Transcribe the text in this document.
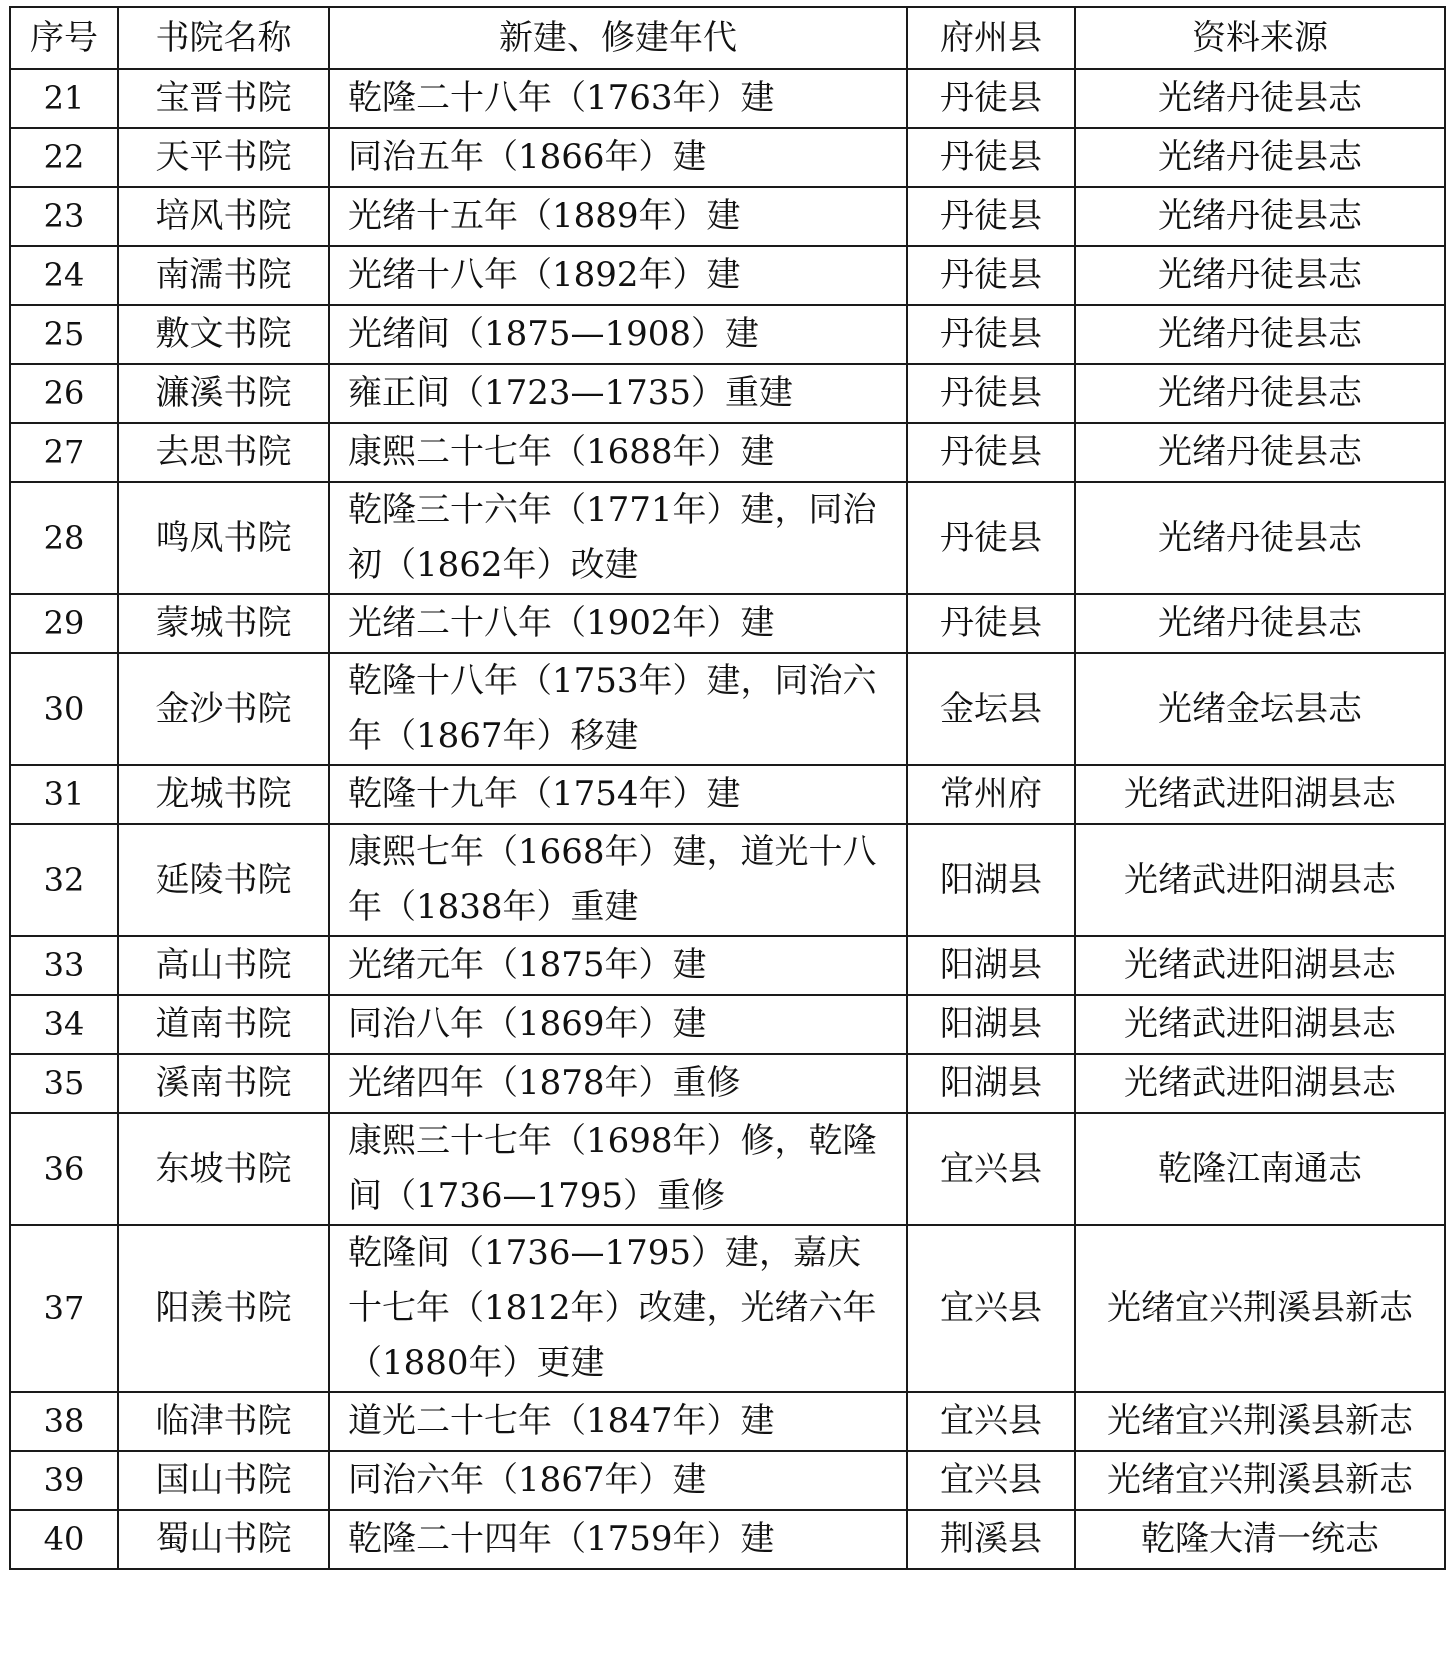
序号	书院名称	新建、修建年代	府州县	资料来源
21	宝晋书院	乾隆二十八年（1763年）建	丹徒县	光绪丹徒县志
22	天平书院	同治五年（1866年）建	丹徒县	光绪丹徒县志
23	培风书院	光绪十五年（1889年）建	丹徒县	光绪丹徒县志
24	南濡书院	光绪十八年（1892年）建	丹徒县	光绪丹徒县志
25	敷文书院	光绪间（1875—1908）建	丹徒县	光绪丹徒县志
26	濂溪书院	雍正间（1723—1735）重建	丹徒县	光绪丹徒县志
27	去思书院	康熙二十七年（1688年）建	丹徒县	光绪丹徒县志
28	鸣凤书院	乾隆三十六年（1771年）建，同治初（1862年）改建	丹徒县	光绪丹徒县志
29	蒙城书院	光绪二十八年（1902年）建	丹徒县	光绪丹徒县志
30	金沙书院	乾隆十八年（1753年）建，同治六年（1867年）移建	金坛县	光绪金坛县志
31	龙城书院	乾隆十九年（1754年）建	常州府	光绪武进阳湖县志
32	延陵书院	康熙七年（1668年）建，道光十八年（1838年）重建	阳湖县	光绪武进阳湖县志
33	高山书院	光绪元年（1875年）建	阳湖县	光绪武进阳湖县志
34	道南书院	同治八年（1869年）建	阳湖县	光绪武进阳湖县志
35	溪南书院	光绪四年（1878年）重修	阳湖县	光绪武进阳湖县志
36	东坡书院	康熙三十七年（1698年）修，乾隆间（1736—1795）重修	宜兴县	乾隆江南通志
37	阳羡书院	乾隆间（1736—1795）建，嘉庆十七年（1812年）改建，光绪六年（1880年）更建	宜兴县	光绪宜兴荆溪县新志
38	临津书院	道光二十七年（1847年）建	宜兴县	光绪宜兴荆溪县新志
39	国山书院	同治六年（1867年）建	宜兴县	光绪宜兴荆溪县新志
40	蜀山书院	乾隆二十四年（1759年）建	荆溪县	乾隆大清一统志
